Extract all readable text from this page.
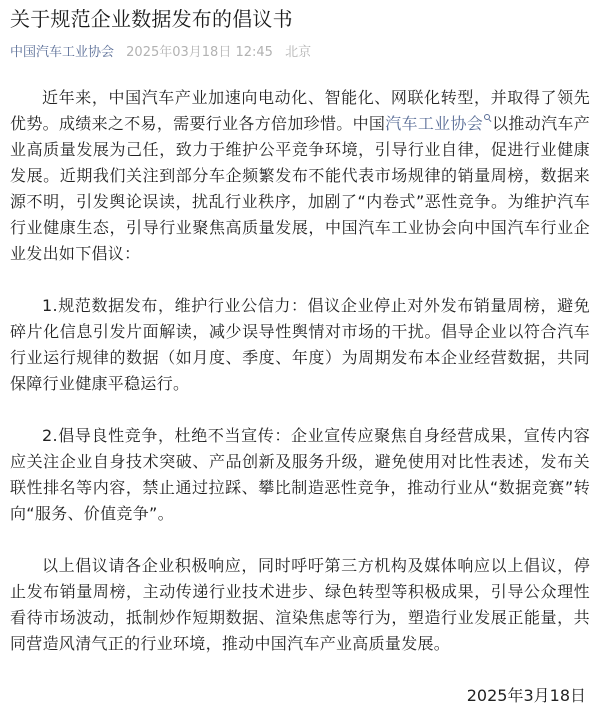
关于规范企业数据发布的倡议书
中国汽车工业协会 2025年03月18日 12:45 北京

近年来，中国汽车产业加速向电动化、智能化、网联化转型，并取得了领先优势。成绩来之不易，需要行业各方倍加珍惜。中国汽车工业协会 以推动汽车产业高质量发展为己任，致力于维护公平竞争环境，引导行业自律，促进行业健康发展。近期我们关注到部分车企频繁发布不能代表市场规律的销量周榜，数据来源不明，引发舆论误读，扰乱行业秩序，加剧了“内卷式”恶性竞争。为维护汽车行业健康生态，引导行业聚焦高质量发展，中国汽车工业协会向中国汽车行业企业发出如下倡议：

1.规范数据发布，维护行业公信力：倡议企业停止对外发布销量周榜，避免碎片化信息引发片面解读，减少误导性舆情对市场的干扰。倡导企业以符合汽车行业运行规律的数据（如月度、季度、年度）为周期发布本企业经营数据，共同保障行业健康平稳运行。

2.倡导良性竞争，杜绝不当宣传：企业宣传应聚焦自身经营成果，宣传内容应关注企业自身技术突破、产品创新及服务升级，避免使用对比性表述，发布关联性排名等内容，禁止通过拉踩、攀比制造恶性竞争，推动行业从“数据竞赛”转向“服务、价值竞争”。

以上倡议请各企业积极响应，同时呼吁第三方机构及媒体响应以上倡议，停止发布销量周榜，主动传递行业技术进步、绿色转型等积极成果，引导公众理性看待市场波动，抵制炒作短期数据、渲染焦虑等行为，塑造行业发展正能量，共同营造风清气正的行业环境，推动中国汽车产业高质量发展。

2025年3月18日
